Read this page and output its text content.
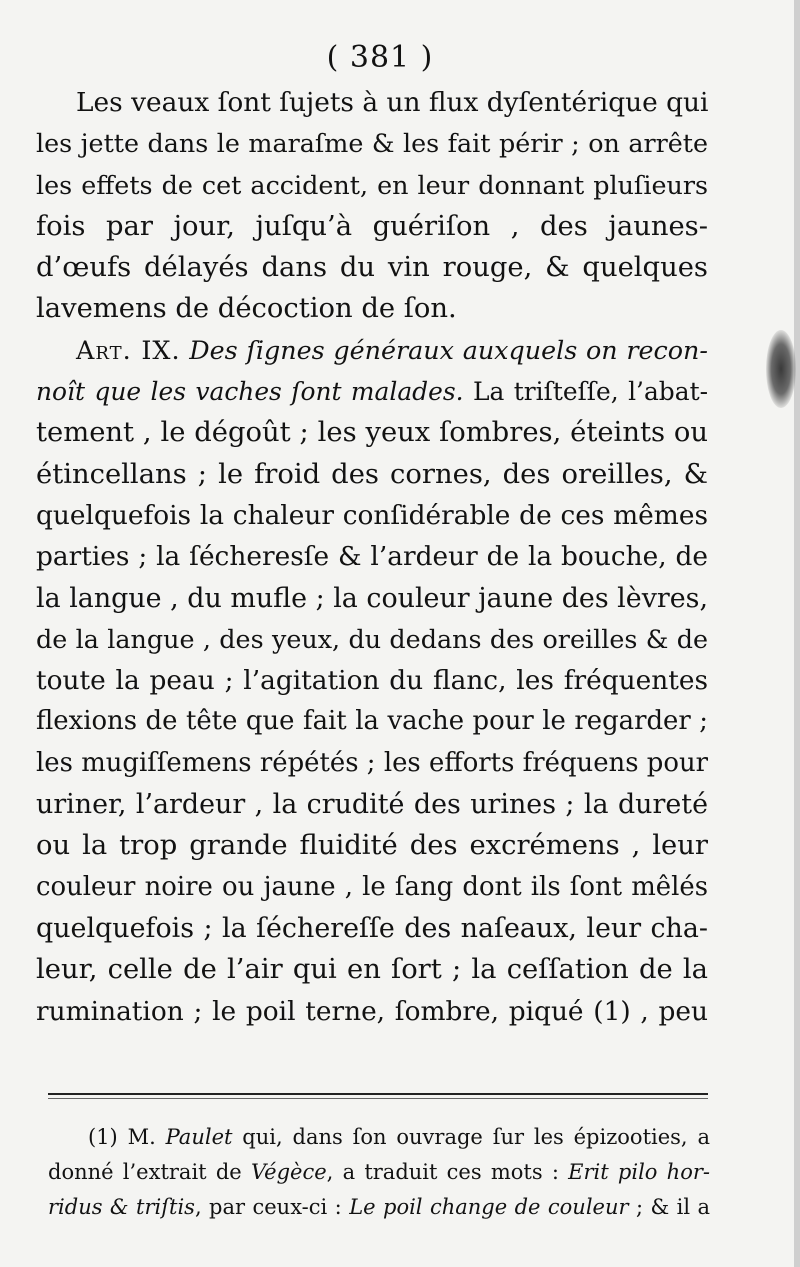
( 381 )
Les veaux ſont ſujets à un flux dyſentérique qui
les jette dans le maraſme & les fait périr ; on arrête
les effets de cet accident, en leur donnant pluſieurs
fois par jour, juſqu’à guériſon , des jaunes-
d’œufs délayés dans du vin rouge, & quelques
lavemens de décoction de ſon.
Art. IX. Des ſignes généraux auxquels on recon-
noît que les vaches ſont malades. La triſteſſe, l’abat-
tement , le dégoût ; les yeux ſombres, éteints ou
étincellans ; le froid des cornes, des oreilles, &
quelquefois la chaleur conſidérable de ces mêmes
parties ; la ſécheresſe & l’ardeur de la bouche, de
la langue , du mufle ; la couleur jaune des lèvres,
de la langue , des yeux, du dedans des oreilles & de
toute la peau ; l’agitation du flanc, les fréquentes
flexions de tête que fait la vache pour le regarder ;
les mugiſſemens répétés ; les efforts fréquens pour
uriner, l’ardeur , la crudité des urines ; la dureté
ou la trop grande fluidité des excrémens , leur
couleur noire ou jaune , le ſang dont ils ſont mêlés
quelquefois ; la ſéchereſſe des naſeaux, leur cha-
leur, celle de l’air qui en ſort ; la ceſſation de la
rumination ; le poil terne, ſombre, piqué (1) , peu
(1) M. Paulet qui, dans ſon ouvrage ſur les épizooties, a
donné l’extrait de Végèce, a traduit ces mots : Erit pilo hor-
ridus & triſtis, par ceux-ci : Le poil change de couleur ; & il a
